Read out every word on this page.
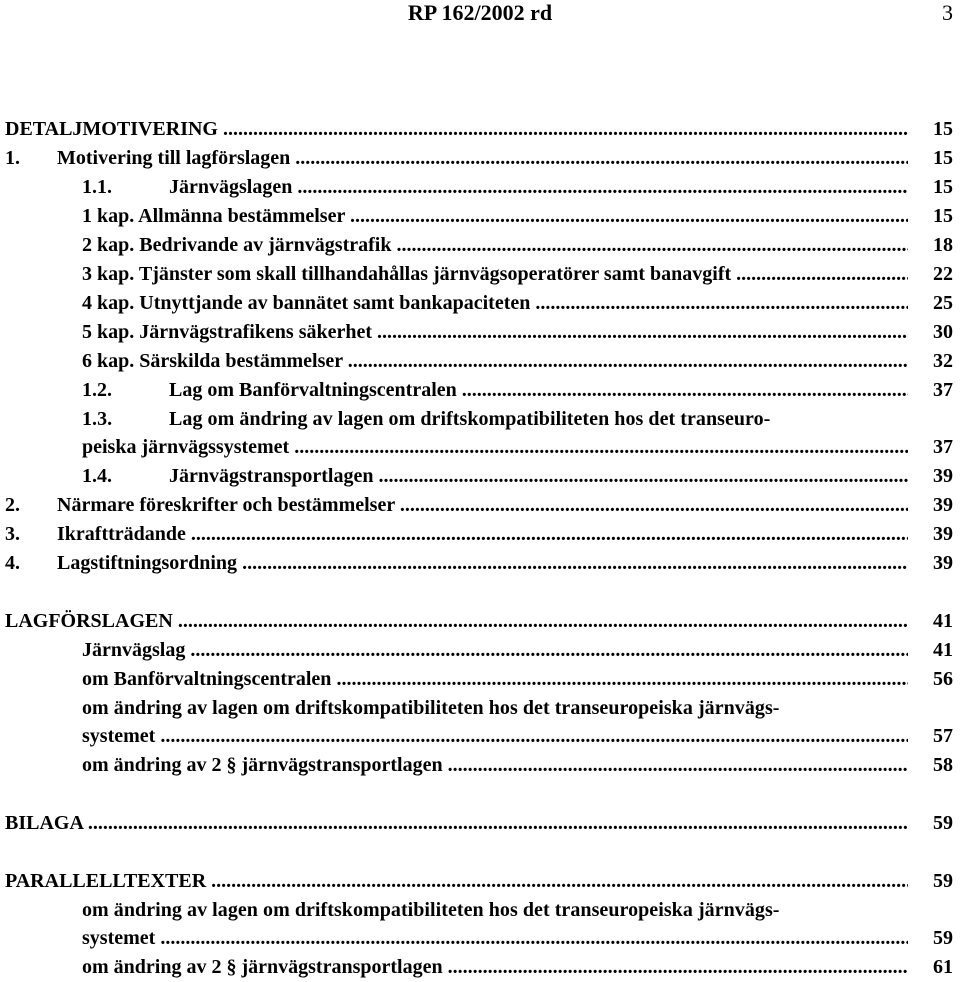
RP 162/2002 rd	3
DETALJMOTIVERING .....	15
1. Motivering till lagförslagen .....	15
1.1.	Järnvägslagen .....	15
1 kap. Allmänna bestämmelser .....	15
2 kap. Bedrivande av järnvägstrafik .....	18
3 kap. Tjänster som skall tillhandahållas järnvägsoperatörer samt banavgift .....	22
4 kap. Utnyttjande av bannätet samt bankapaciteten .....	25
5 kap. Järnvägstrafikens säkerhet .....	30
6 kap. Särskilda bestämmelser .....	32
1.2.	Lag om Banförvaltningscentralen .....	37
1.3.	Lag om ändring av lagen om driftskompatibiliteten hos det transeuro-
peiska järnvägssystemet .....	37
1.4.	Järnvägstransportlagen .....	39
2. Närmare föreskrifter och bestämmelser .....	39
3. Ikraftträdande .....	39
4. Lagstiftningsordning .....	39
LAGFÖRSLAGEN .....	41
Järnvägslag .....	41
om Banförvaltningscentralen .....	56
om ändring av lagen om driftskompatibiliteten hos det transeuropeiska järnvägs-
systemet .....	57
om ändring av 2 § järnvägstransportlagen .....	58
BILAGA .....	59
PARALLELLTEXTER .....	59
om ändring av lagen om driftskompatibiliteten hos det transeuropeiska järnvägs-
systemet .....	59
om ändring av 2 § järnvägstransportlagen .....	61
